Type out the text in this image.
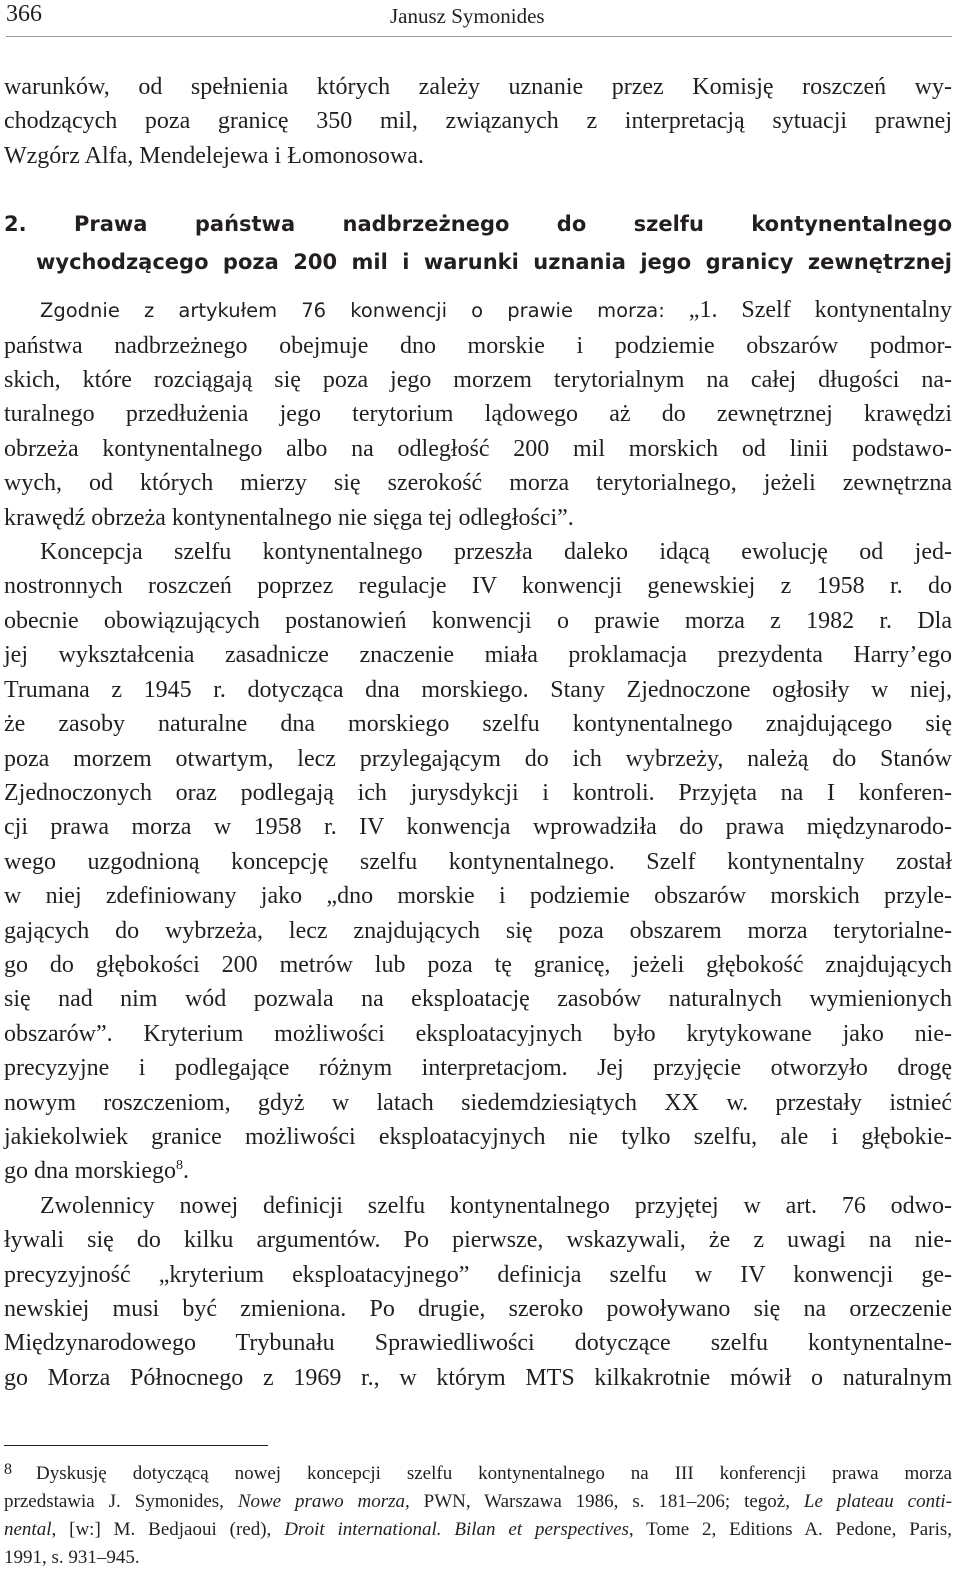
366	Janusz Symonides

warunków, od spełnienia których zależy uznanie przez Komisję roszczeń wy-

chodzących poza granicę 350 mil, związanych z interpretacją sytuacji prawnej

Wzgórz Alfa, Mendelejewa i Łomonosowa.

2. Prawa państwa nadbrzeżnego do szelfu kontynentalnego
wychodzącego poza 200 mil i warunki uznania jego granicy zewnętrznej

Zgodnie z artykułem 76 konwencji o prawie morza: „1. Szelf kontynentalny

państwa nadbrzeżnego obejmuje dno morskie i podziemie obszarów podmor-

skich, które rozciągają się poza jego morzem terytorialnym na całej długości na-

turalnego przedłużenia jego terytorium lądowego aż do zewnętrznej krawędzi

obrzeża kontynentalnego albo na odległość 200 mil morskich od linii podstawo-

wych, od których mierzy się szerokość morza terytorialnego, jeżeli zewnętrzna

krawędź obrzeża kontynentalnego nie sięga tej odległości”.

Koncepcja szelfu kontynentalnego przeszła daleko idącą ewolucję od jed-

nostronnych roszczeń poprzez regulacje IV konwencji genewskiej z 1958 r. do

obecnie obowiązujących postanowień konwencji o prawie morza z 1982 r. Dla

jej wykształcenia zasadnicze znaczenie miała proklamacja prezydenta Harry’ego

Trumana z 1945 r. dotycząca dna morskiego. Stany Zjednoczone ogłosiły w niej,

że zasoby naturalne dna morskiego szelfu kontynentalnego znajdującego się

poza morzem otwartym, lecz przylegającym do ich wybrzeży, należą do Stanów

Zjednoczonych oraz podlegają ich jurysdykcji i kontroli. Przyjęta na I konferen-

cji prawa morza w 1958 r. IV konwencja wprowadziła do prawa międzynarodo-

wego uzgodnioną koncepcję szelfu kontynentalnego. Szelf kontynentalny został

w niej zdefiniowany jako „dno morskie i podziemie obszarów morskich przyle-

gających do wybrzeża, lecz znajdujących się poza obszarem morza terytorialne-

go do głębokości 200 metrów lub poza tę granicę, jeżeli głębokość znajdujących

się nad nim wód pozwala na eksploatację zasobów naturalnych wymienionych

obszarów”. Kryterium możliwości eksploatacyjnych było krytykowane jako nie-

precyzyjne i podlegające różnym interpretacjom. Jej przyjęcie otworzyło drogę

nowym roszczeniom, gdyż w latach siedemdziesiątych XX w. przestały istnieć

jakiekolwiek granice możliwości eksploatacyjnych nie tylko szelfu, ale i głębokie-

go dna morskiego$^8$.

Zwolennicy nowej definicji szelfu kontynentalnego przyjętej w art. 76 odwo-

ływali się do kilku argumentów. Po pierwsze, wskazywali, że z uwagi na nie-

precyzyjność „kryterium eksploatacyjnego” definicja szelfu w IV konwencji ge-

newskiej musi być zmieniona. Po drugie, szeroko powoływano się na orzeczenie

Międzynarodowego Trybunału Sprawiedliwości dotyczące szelfu kontynentalne-

go Morza Północnego z 1969 r., w którym MTS kilkakrotnie mówił o naturalnym

8 Dyskusję dotyczącą nowej koncepcji szelfu kontynentalnego na III konferencji prawa morza

przedstawia J. Symonides, Nowe prawo morza, PWN, Warszawa 1986, s. 181–206; tegoż, Le plateau conti-

nental, [w:] M. Bedjaoui (red), Droit international. Bilan et perspectives, Tome 2, Editions A. Pedone, Paris,

1991, s. 931–945.
